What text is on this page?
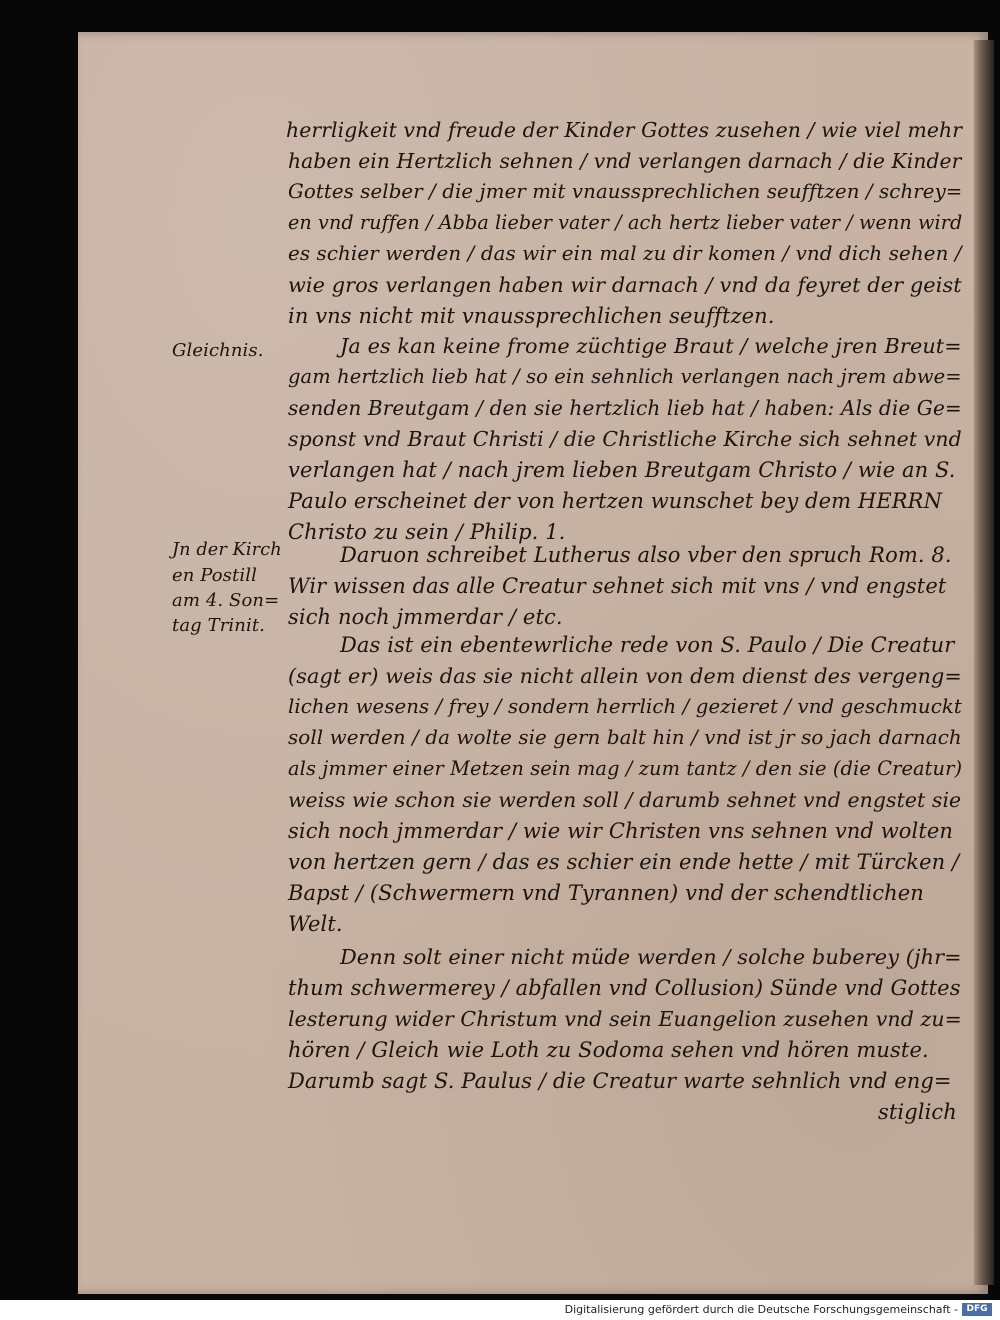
herrligkeit vnd freude der Kinder Gottes zusehen / wie viel mehr
haben ein Hertzlich sehnen / vnd verlangen darnach / die Kinder
Gottes selber / die jmer mit vnaussprechlichen seufftzen / schrey=
en vnd ruffen / Abba lieber vater / ach hertz lieber vater / wenn wird
es schier werden / das wir ein mal zu dir komen / vnd dich sehen /
wie gros verlangen haben wir darnach / vnd da feyret der geist
in vns nicht mit vnaussprechlichen seufftzen.
Ja es kan keine frome züchtige Braut / welche jren Breut=
gam hertzlich lieb hat / so ein sehnlich verlangen nach jrem abwe=
senden Breutgam / den sie hertzlich lieb hat / haben: Als die Ge=
sponst vnd Braut Christi / die Christliche Kirche sich sehnet vnd
verlangen hat / nach jrem lieben Breutgam Christo / wie an S.
Paulo erscheinet der von hertzen wunschet bey dem HERRN
Christo zu sein / Philip. 1.
Daruon schreibet Lutherus also vber den spruch Rom. 8.
Wir wissen das alle Creatur sehnet sich mit vns / vnd engstet
sich noch jmmerdar / etc.
Das ist ein ebentewrliche rede von S. Paulo / Die Creatur
(sagt er) weis das sie nicht allein von dem dienst des vergeng=
lichen wesens / frey / sondern herrlich / gezieret / vnd geschmuckt
soll werden / da wolte sie gern balt hin / vnd ist jr so jach darnach
als jmmer einer Metzen sein mag / zum tantz / den sie (die Creatur)
weiss wie schon sie werden soll / darumb sehnet vnd engstet sie
sich noch jmmerdar / wie wir Christen vns sehnen vnd wolten
von hertzen gern / das es schier ein ende hette / mit Türcken /
Bapst / (Schwermern vnd Tyrannen) vnd der schendtlichen
Welt.
Denn solt einer nicht müde werden / solche buberey (jhr=
thum schwermerey / abfallen vnd Collusion) Sünde vnd Gottes
lesterung wider Christum vnd sein Euangelion zusehen vnd zu=
hören / Gleich wie Loth zu Sodoma sehen vnd hören muste.
Darumb sagt S. Paulus / die Creatur warte sehnlich vnd eng=
stiglich
Gleichnis.
Jn der Kirch
en Postill
am 4. Son=
tag Trinit.
Digitalisierung gefördert durch die Deutsche Forschungsgemeinschaft - DFG
